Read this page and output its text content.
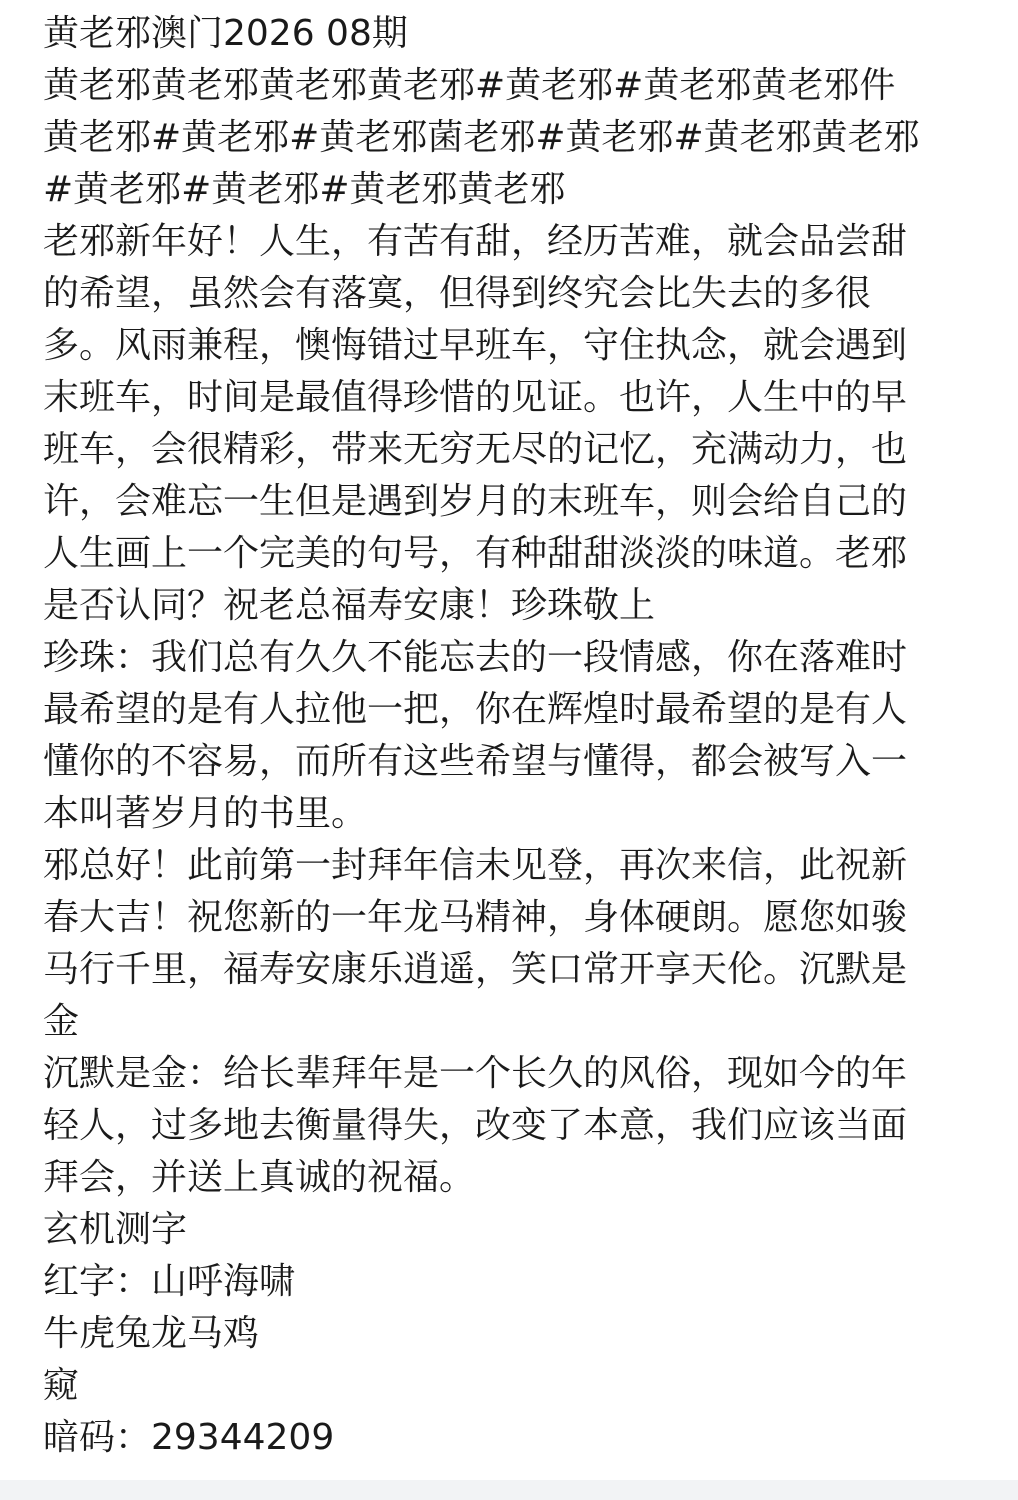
黄老邪澳门2026 08期
黄老邪黄老邪黄老邪黄老邪#黄老邪#黄老邪黄老邪件
黄老邪#黄老邪#黄老邪菌老邪#黄老邪#黄老邪黄老邪
#黄老邪#黄老邪#黄老邪黄老邪
老邪新年好！人生，有苦有甜，经历苦难，就会品尝甜
的希望，虽然会有落寞，但得到终究会比失去的多很
多。风雨兼程，懊悔错过早班车，守住执念，就会遇到
末班车，时间是最值得珍惜的见证。也许，人生中的早
班车，会很精彩，带来无穷无尽的记忆，充满动力，也
许，会难忘一生但是遇到岁月的末班车，则会给自己的
人生画上一个完美的句号，有种甜甜淡淡的味道。老邪
是否认同？祝老总福寿安康！珍珠敬上
珍珠：我们总有久久不能忘去的一段情感，你在落难时
最希望的是有人拉他一把，你在辉煌时最希望的是有人
懂你的不容易，而所有这些希望与懂得，都会被写入一
本叫著岁月的书里。
邪总好！此前第一封拜年信未见登，再次来信，此祝新
春大吉！祝您新的一年龙马精神，身体硬朗。愿您如骏
马行千里，福寿安康乐逍遥，笑口常开享天伦。沉默是
金
沉默是金：给长辈拜年是一个长久的风俗，现如今的年
轻人，过多地去衡量得失，改变了本意，我们应该当面
拜会，并送上真诚的祝福。
玄机测字
红字：山呼海啸
牛虎兔龙马鸡
窥
暗码：29344209
